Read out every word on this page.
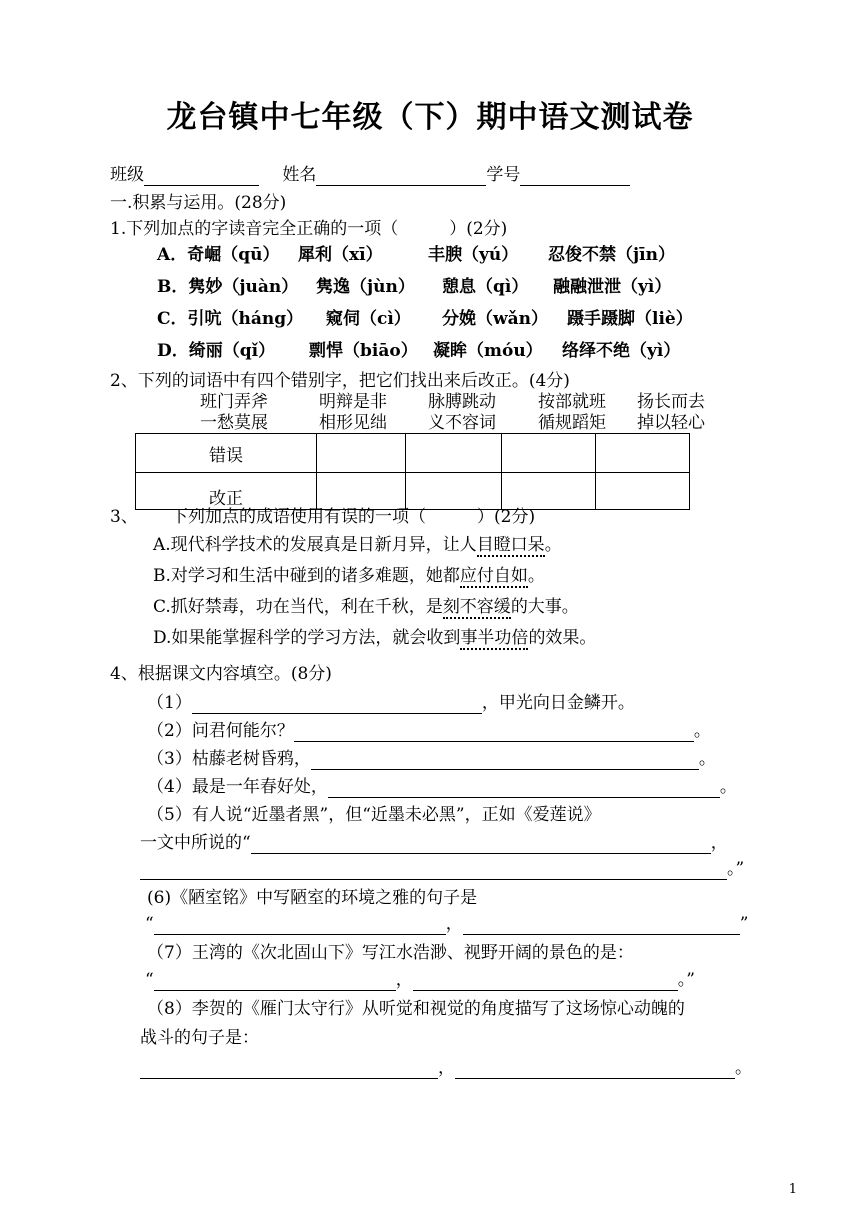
龙台镇中七年级（下）期中语文测试卷
班级	姓名	学号
一.积累与运用。(28分)
1.下列加点的字读音完全正确的一项（　　　）(2分)
A．奇崛（qū） 犀利（xī）	丰腴（yú） 忍俊不禁（jīn）
B．隽妙（juàn） 隽逸（jùn） 憩息（qì） 融融泄泄（yì）
C．引吭（háng） 窥伺（cì） 分娩（wǎn） 蹑手蹑脚（liè）
D．绮丽（qǐ） 剽悍（biāo） 凝眸（móu） 络绎不绝（yì）
2、下列的词语中有四个错别字，把它们找出来后改正。(4分)
班门弄斧	明辩是非 脉膊跳动 按部就班 扬长而去
一愁莫展	相形见绌 义不容词 循规蹈矩 掉以轻心
错误				
改正				
3、 下列加点的成语使用有误的一项（　　　）(2分)
A.现代科学技术的发展真是日新月异，让人目瞪口呆。
B.对学习和生活中碰到的诸多难题，她都应付自如。
C.抓好禁毒，功在当代，利在千秋，是刻不容缓的大事。
D.如果能掌握科学的学习方法，就会收到事半功倍的效果。
4、根据课文内容填空。(8分)
（1）	，甲光向日金鳞开。
（2）问君何能尔？	。
（3）枯藤老树昏鸦，	。
（4）最是一年春好处，	。
（5）有人说“近墨者黑”，但“近墨未必黑”，正如《爱莲说》
一文中所说的“	，
。”
(6)《陋室铭》中写陋室的环境之雅的句子是
“	，	”
（7）王湾的《次北固山下》写江水浩渺、视野开阔的景色的是：
“	，	。”
（8）李贺的《雁门太守行》从听觉和视觉的角度描写了这场惊心动魄的
战斗的句子是：
，	。
1
